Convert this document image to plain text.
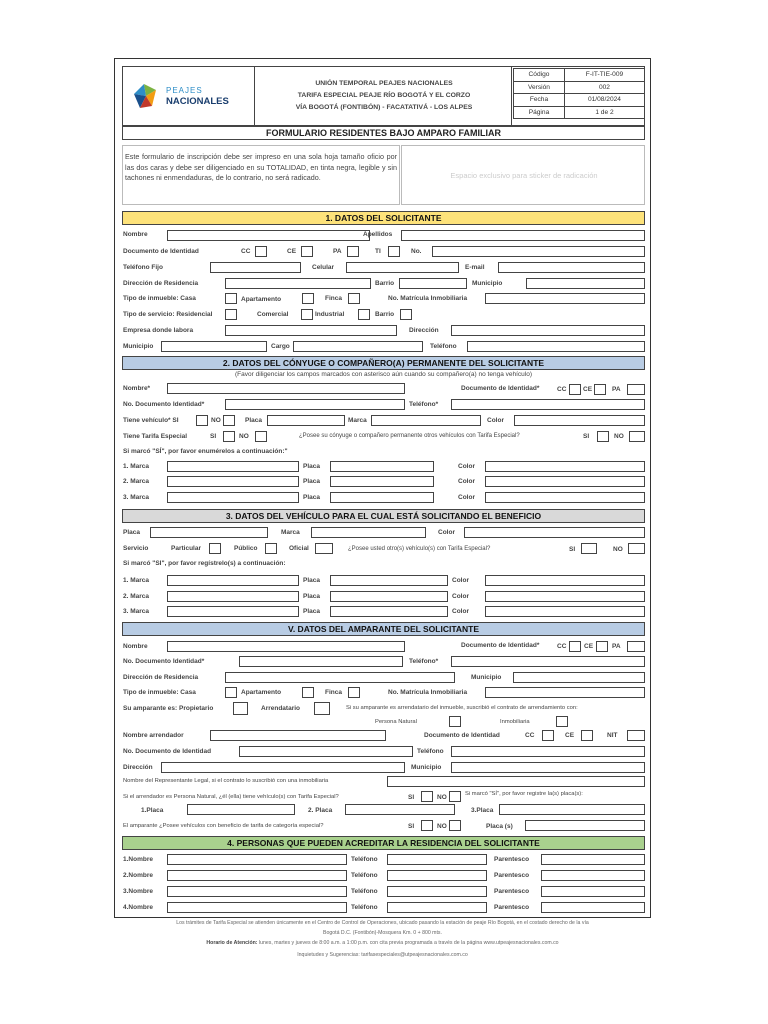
PEAJES
NACIONALES
UNIÓN TEMPORAL PEAJES NACIONALES
TARIFA ESPECIAL PEAJE RÍO BOGOTÁ Y EL CORZO
VÍA BOGOTÁ (FONTIBÓN) - FACATATIVÁ - LOS ALPES
Código	F-IT-TIE-009
Versión	002
Fecha	01/08/2024
Página	1 de 2
FORMULARIO RESIDENTES BAJO AMPARO FAMILIAR
Este formulario de inscripción debe ser impreso en una sola hoja tamaño oficio por las dos caras y debe ser diligenciado en su TOTALIDAD, en tinta negra, legible y sin tachones ni enmendaduras, de lo contrario, no será radicado.	Espacio exclusivo para sticker de radicación
1. DATOS DEL SOLICITANTE
Nombre	Apellidos
Documento de Identidad	CC	CE	PA	TI	No.
Teléfono Fijo	Celular	E-mail
Dirección de Residencia	Barrio	Municipio
Tipo de inmueble: Casa	Apartamento	Finca	No. Matrícula Inmobiliaria
Tipo de servicio: Residencial	Comercial	Industrial	Barrio
Empresa donde labora	Dirección
Municipio	Cargo	Teléfono
2. DATOS DEL CÓNYUGE O COMPAÑERO(A) PERMANENTE DEL SOLICITANTE
(Favor diligenciar los campos marcados con asterisco aún cuando su compañero(a) no tenga vehículo)
Nombre*	Documento de Identidad*	CC	CE	PA
No. Documento Identidad*	Teléfono*
Tiene vehículo* SI	NO	Placa	Marca	Color
Tiene Tarifa Especial	SI	NO	¿Posee su cónyuge o compañero permanente otros vehículos con Tarifa Especial?	SI	NO
Si marcó "SÍ", por favor enumérelos a continuación:"
1. Marca	Placa	Color
2. Marca	Placa	Color
3. Marca	Placa	Color
3. DATOS DEL VEHÍCULO PARA EL CUAL ESTÁ SOLICITANDO EL BENEFICIO
Placa	Marca	Color
Servicio	Particular	Público	Oficial	¿Posee usted otro(s) vehículo(s) con Tarifa Especial?	SI	NO
Si marcó "SI", por favor regístrelo(s) a continuación:
1. Marca	Placa	Color
2. Marca	Placa	Color
3. Marca	Placa	Color
V. DATOS DEL AMPARANTE DEL SOLICITANTE
Nombre	Documento de Identidad*	CC	CE	PA
No. Documento Identidad*	Teléfono*
Dirección de Residencia	Municipio
Tipo de inmueble: Casa	Apartamento	Finca	No. Matrícula Inmobiliaria
Su amparante es: Propietario	Arrendatario	Si su amparante es arrendatario del inmueble, suscribió el contrato de arrendamiento con:
Persona Natural	Inmobiliaria
Nombre arrendador	Documento de Identidad	CC	CE	NIT
No. Documento de Identidad	Teléfono
Dirección	Municipio
Nombre del Representante Legal, si el contrato lo suscribió con una inmobiliaria
Si el arrendador es Persona Natural, ¿él (ella) tiene vehículo(s) con Tarifa Especial?	SI	NO	Si marcó "SÍ", por favor registre la(s) placa(s):
1.Placa	2. Placa	3.Placa
El amparante ¿Posee vehículos con beneficio de tarifa de categoría especial?	SI	NO	Placa (s)
4. PERSONAS QUE PUEDEN ACREDITAR LA RESIDENCIA DEL SOLICITANTE
1.Nombre	Teléfono	Parentesco
2.Nombre	Teléfono	Parentesco
3.Nombre	Teléfono	Parentesco
4.Nombre	Teléfono	Parentesco
Los trámites de Tarifa Especial se atienden únicamente en el Centro de Control de Operaciones, ubicado pasando la estación de peaje Río Bogotá, en el costado derecho de la vía
Bogotá D.C. (Fontibón)-Mosquera Km. 0 + 800 mts.
Horario de Atención: lunes, martes y jueves de 8:00 a.m. a 1:00 p.m. con cita previa programada a través de la página www.utpeajesnacionales.com.co
Inquietudes y Sugerencias: tarifasespeciales@utpeajesnacionales.com.co
